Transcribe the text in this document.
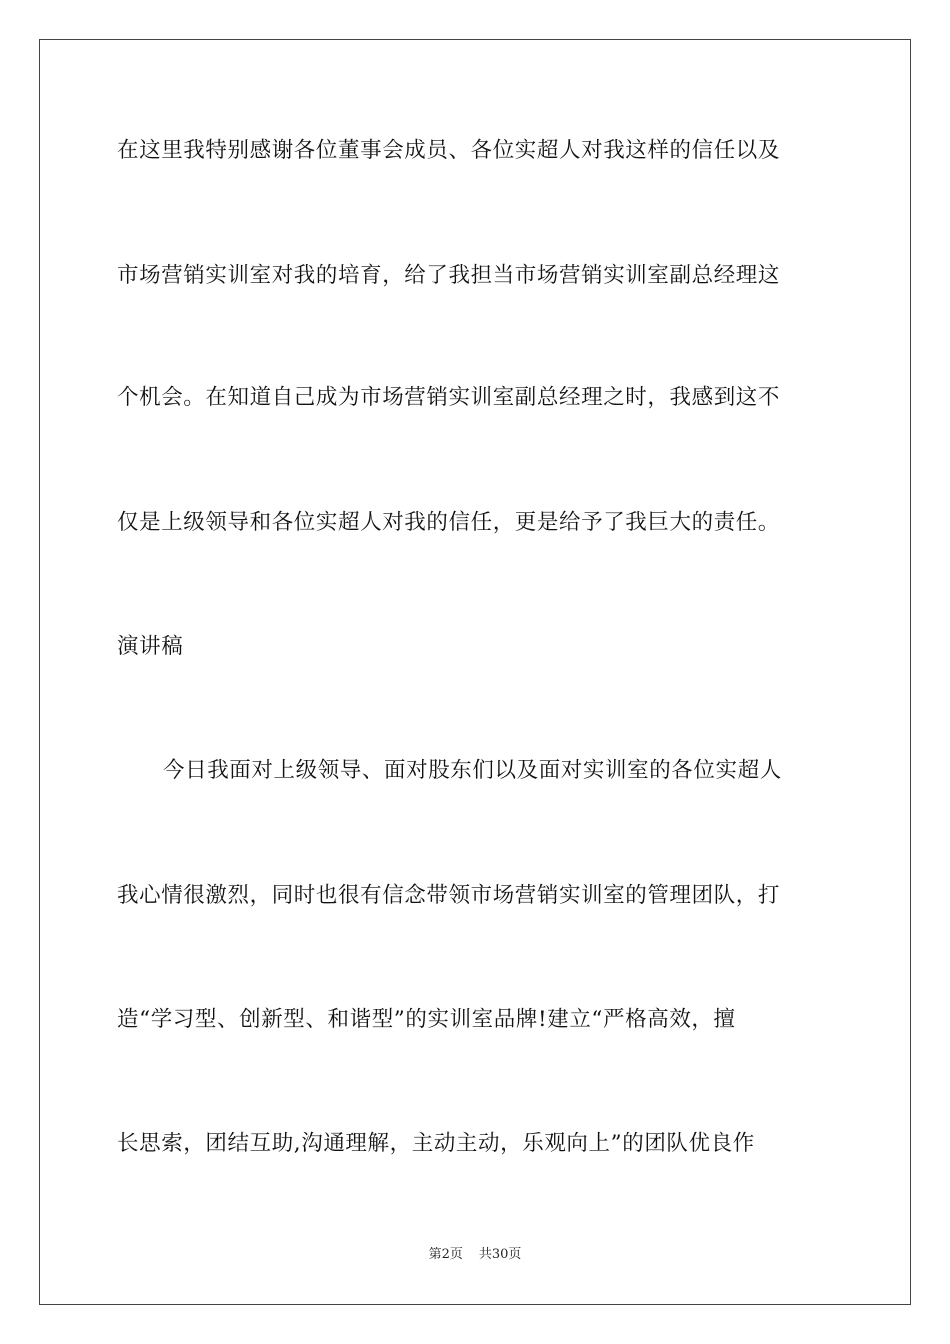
在这里我特别感谢各位董事会成员、各位实超人对我这样的信任以及
市场营销实训室对我的培育，给了我担当市场营销实训室副总经理这
个机会。在知道自己成为市场营销实训室副总经理之时，我感到这不
仅是上级领导和各位实超人对我的信任，更是给予了我巨大的责任。
演讲稿
今日我面对上级领导、面对股东们以及面对实训室的各位实超人
我心情很激烈，同时也很有信念带领市场营销实训室的管理团队，打
造“学习型、创新型、和谐型”的实训室品牌!建立“严格高效，擅
长思索，团结互助,沟通理解，主动主动，乐观向上”的团队优良作
第2页 共30页
